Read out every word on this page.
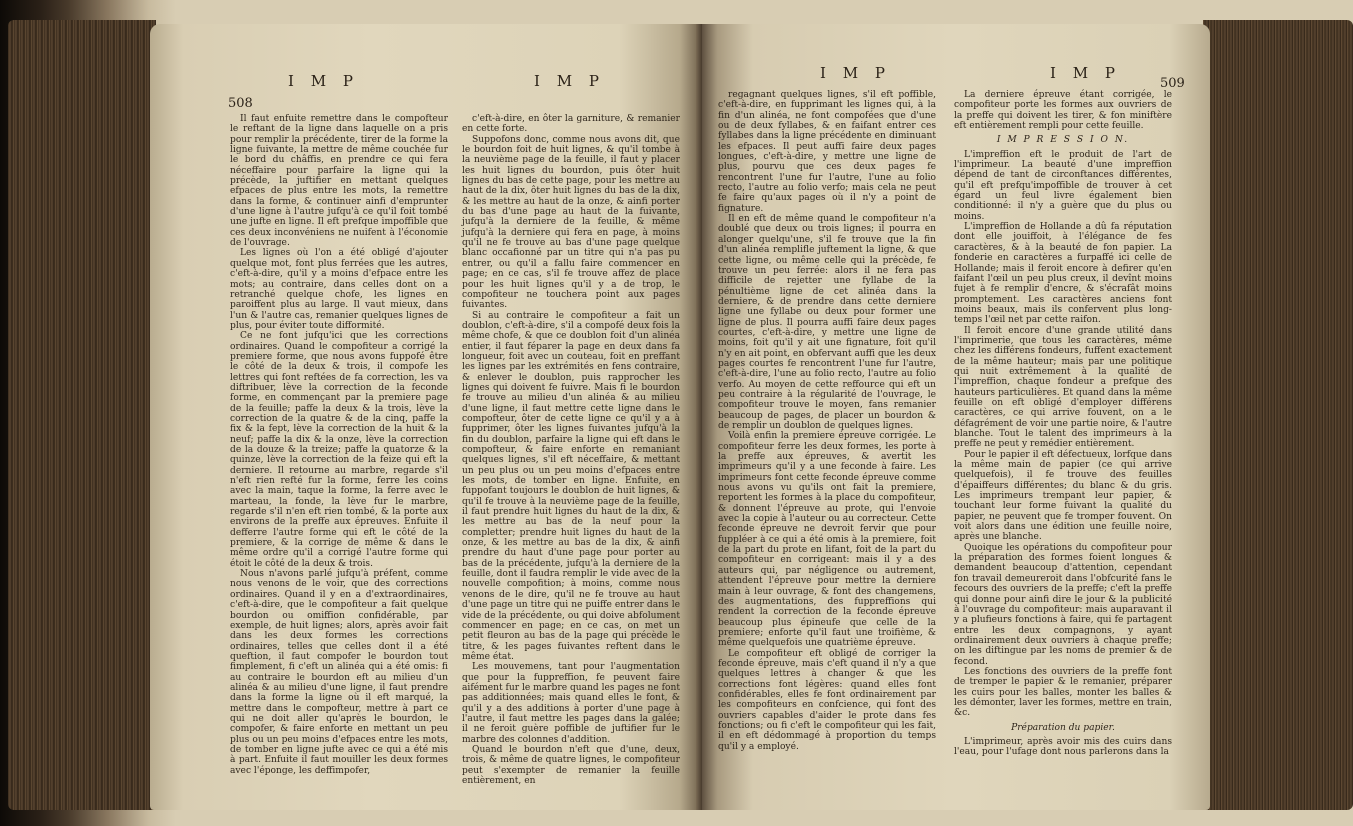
508
I M P	I M P

Il faut enfuite remettre dans le compofteur le reftant de la ligne dans laquelle on a pris pour remplir la précédente, tirer de la forme la ligne fuivante, la mettre de même couchée fur le bord du châffis, en prendre ce qui fera néceffaire pour parfaire la ligne qui la précède, la juftifier en mettant quelques efpaces de plus entre les mots, la remettre dans la forme, & continuer ainfi d'emprunter d'une ligne à l'autre jufqu'à ce qu'il foit tombé une jufte en ligne. Il eft prefque impoffible que ces deux inconvéniens ne nuifent à l'économie de l'ouvrage.

Les lignes où l'on a été obligé d'ajouter quelque mot, font plus ferrées que les autres, c'eft-à-dire, qu'il y a moins d'efpace entre les mots; au contraire, dans celles dont on a retranché quelque chofe, les lignes en paroiffent plus au large. Il vaut mieux, dans l'un & l'autre cas, remanier quelques lignes de plus, pour éviter toute difformité.

Ce ne font jufqu'ici que les corrections ordinaires. Quand le compofiteur a corrigé la premiere forme, que nous avons fuppofé être le côté de la deux & trois, il compofe les lettres qui font reftées de fa correction, les va diftribuer, lève la correction de la feconde forme, en commençant par la premiere page de la feuille; paffe la deux & la trois, lève la correction de la quatre & de la cinq, paffe la fix & la fept, lève la correction de la huit & la neuf; paffe la dix & la onze, lève la correction de la douze & la treize; paffe la quatorze & la quinze, lève la correction de la feize qui eft la derniere. Il retourne au marbre, regarde s'il n'eft rien refté fur la forme, ferre les coins avec la main, taque la forme, la ferre avec le marteau, la fonde, la lève fur le marbre, regarde s'il n'en eft rien tombé, & la porte aux environs de la preffe aux épreuves. Enfuite il defferre l'autre forme qui eft le côté de la premiere, & la corrige de même & dans le même ordre qu'il a corrigé l'autre forme qui étoit le côté de la deux & trois.

Nous n'avons parlé jufqu'à préfent, comme nous venons de le voir, que des corrections ordinaires. Quand il y en a d'extraordinaires, c'eft-à-dire, que le compofiteur a fait quelque bourdon ou omiffion confidérable, par exemple, de huit lignes; alors, après avoir fait dans les deux formes les corrections ordinaires, telles que celles dont il a été queftion, il faut compofer le bourdon tout fimplement, fi c'eft un alinéa qui a été omis: fi au contraire le bourdon eft au milieu d'un alinéa & au milieu d'une ligne, il faut prendre dans la forme la ligne où il eft marqué, la mettre dans le compofteur, mettre à part ce qui ne doit aller qu'après le bourdon, le compofer, & faire enforte en mettant un peu plus ou un peu moins d'efpaces entre les mots, de tomber en ligne jufte avec ce qui a été mis à part. Enfuite il faut mouiller les deux formes avec l'éponge, les deffimpofer,

c'eft-à-dire, en ôter la garniture, & remanier en cette forte.

Suppofons donc, comme nous avons dit, que le bourdon foit de huit lignes, & qu'il tombe à la neuvième page de la feuille, il faut y placer les huit lignes du bourdon, puis ôter huit lignes du bas de cette page, pour les mettre au haut de la dix, ôter huit lignes du bas de la dix, & les mettre au haut de la onze, & ainfi porter du bas d'une page au haut de la fuivante, jufqu'à la derniere de la feuille, & même jufqu'à la derniere qui fera en page, à moins qu'il ne fe trouve au bas d'une page quelque blanc occafionné par un titre qui n'a pas pu entrer, ou qu'il a fallu faire commencer en page; en ce cas, s'il fe trouve affez de place pour les huit lignes qu'il y a de trop, le compofiteur ne touchera point aux pages fuivantes.

Si au contraire le compofiteur a fait un doublon, c'eft-à-dire, s'il a compofé deux fois la même chofe, & que ce doublon foit d'un alinéa entier, il faut féparer la page en deux dans fa longueur, foit avec un couteau, foit en preffant les lignes par les extrémités en fens contraire, & enlever le doublon, puis rapprocher les lignes qui doivent fe fuivre. Mais fi le bourdon fe trouve au milieu d'un alinéa & au milieu d'une ligne, il faut mettre cette ligne dans le compofteur, ôter de cette ligne ce qu'il y a à fupprimer, ôter les lignes fuivantes jufqu'à la fin du doublon, parfaire la ligne qui eft dans le compofteur, & faire enforte en remaniant quelques lignes, s'il eft néceffaire, & mettant un peu plus ou un peu moins d'efpaces entre les mots, de tomber en ligne. Enfuite, en fuppofant toujours le doublon de huit lignes, & qu'il fe trouve à la neuvième page de la feuille, il faut prendre huit lignes du haut de la dix, & les mettre au bas de la neuf pour la completter; prendre huit lignes du haut de la onze, & les mettre au bas de la dix, & ainfi prendre du haut d'une page pour porter au bas de la précédente, jufqu'à la derniere de la feuille, dont il faudra remplir le vide avec de la nouvelle compofition; à moins, comme nous venons de le dire, qu'il ne fe trouve au haut d'une page un titre qui ne puiffe entrer dans le vide de la précédente, ou qui doive abfolument commencer en page; en ce cas, on met un petit fleuron au bas de la page qui précède le titre, & les pages fuivantes reftent dans le même état.

Les mouvemens, tant pour l'augmentation que pour la fuppreffion, fe peuvent faire aifément fur le marbre quand les pages ne font pas additionnées; mais quand elles le font, & qu'il y a des additions à porter d'une page à l'autre, il faut mettre les pages dans la galée; il ne feroit guère poffible de juftifier fur le marbre des colonnes d'addition.

Quand le bourdon n'eft que d'une, deux, trois, & même de quatre lignes, le compofiteur peut s'exempter de remanier la feuille entièrement, en

I M P	I M P
509

regagnant quelques lignes, s'il eft poffible, c'eft-à-dire, en fupprimant les lignes qui, à la fin d'un alinéa, ne font compofées que d'une ou de deux fyllabes, & en faifant entrer ces fyllabes dans la ligne précédente en diminuant les efpaces. Il peut auffi faire deux pages longues, c'eft-à-dire, y mettre une ligne de plus, pourvu que ces deux pages fe rencontrent l'une fur l'autre, l'une au folio recto, l'autre au folio verfo; mais cela ne peut fe faire qu'aux pages où il n'y a point de fignature.

Il en eft de même quand le compofiteur n'a doublé que deux ou trois lignes; il pourra en alonger quelqu'une, s'il fe trouve que la fin d'un alinéa remplifle juftement la ligne, & que cette ligne, ou même celle qui la précède, fe trouve un peu ferrée: alors il ne fera pas difficile de rejetter une fyllabe de la pénultième ligne de cet alinéa dans la derniere, & de prendre dans cette derniere ligne une fyllabe ou deux pour former une ligne de plus. Il pourra auffi faire deux pages courtes, c'eft-à-dire, y mettre une ligne de moins, foit qu'il y ait une fignature, foit qu'il n'y en ait point, en obfervant auffi que les deux pages courtes fe rencontrent l'une fur l'autre, c'eft-à-dire, l'une au folio recto, l'autre au folio verfo. Au moyen de cette reffource qui eft un peu contraire à la régularité de l'ouvrage, le compofiteur trouve le moyen, fans remanier beaucoup de pages, de placer un bourdon & de remplir un doublon de quelques lignes.

Voilà enfin la premiere épreuve corrigée. Le compofiteur ferre les deux formes, les porte à la preffe aux épreuves, & avertit les imprimeurs qu'il y a une feconde à faire. Les imprimeurs font cette feconde épreuve comme nous avons vu qu'ils ont fait la premiere, reportent les formes à la place du compofiteur, & donnent l'épreuve au prote, qui l'envoie avec la copie à l'auteur ou au correcteur. Cette feconde épreuve ne devroit fervir que pour fuppléer à ce qui a été omis à la premiere, foit de la part du prote en lifant, foit de la part du compofiteur en corrigeant: mais il y a des auteurs qui, par négligence ou autrement, attendent l'épreuve pour mettre la derniere main à leur ouvrage, & font des changemens, des augmentations, des fuppreffions qui rendent la correction de la feconde épreuve beaucoup plus épineufe que celle de la premiere; enforte qu'il faut une troifième, & même quelquefois une quatrième épreuve.

Le compofiteur eft obligé de corriger la feconde épreuve, mais c'eft quand il n'y a que quelques lettres à changer & que les corrections font légères: quand elles font confidérables, elles fe font ordinairement par les compofiteurs en confcience, qui font des ouvriers capables d'aider le prote dans fes fonctions; ou fi c'eft le compofiteur qui les fait, il en eft dédommagé à proportion du temps qu'il y a employé.

La derniere épreuve étant corrigée, le compofiteur porte les formes aux ouvriers de la preffe qui doivent les tirer, & fon miniftère eft entièrement rempli pour cette feuille.

I M P R E S S I O N.

L'impreffion eft le produit de l'art de l'imprimeur. La beauté d'une impreffion dépend de tant de circonftances différentes, qu'il eft prefqu'impoffible de trouver à cet égard un feul livre également bien conditionné: il n'y a guère que du plus ou moins.

L'impreffion de Hollande a dû fa réputation dont elle jouiffoit, à l'élégance de fes caractères, & à la beauté de fon papier. La fonderie en caractères a furpaffé ici celle de Hollande; mais il feroit encore à defirer qu'en faifant l'œil un peu plus creux, il devînt moins fujet à fe remplir d'encre, & s'écrafât moins promptement. Les caractères anciens font moins beaux, mais ils confervent plus long-temps l'œil net par cette raifon.

Il feroit encore d'une grande utilité dans l'imprimerie, que tous les caractères, même chez les différens fondeurs, fuffent exactement de la même hauteur; mais par une politique qui nuit extrêmement à la qualité de l'impreffion, chaque fondeur a prefque des hauteurs particulières. Et quand dans la même feuille on eft obligé d'employer différens caractères, ce qui arrive fouvent, on a le défagrément de voir une partie noire, & l'autre blanche. Tout le talent des imprimeurs à la preffe ne peut y remédier entièrement.

Pour le papier il eft défectueux, lorfque dans la même main de papier (ce qui arrive quelquefois), il fe trouve des feuilles d'épaiffeurs différentes; du blanc & du gris. Les imprimeurs trempant leur papier, & touchant leur forme fuivant la qualité du papier, ne peuvent que fe tromper fouvent. On voit alors dans une édition une feuille noire, après une blanche.

Quoique les opérations du compofiteur pour la préparation des formes foient longues & demandent beaucoup d'attention, cependant fon travail demeureroit dans l'obfcurité fans le fecours des ouvriers de la preffe; c'eft la preffe qui donne pour ainfi dire le jour & la publicité à l'ouvrage du compofiteur: mais auparavant il y a plufieurs fonctions à faire, qui fe partagent entre les deux compagnons, y ayant ordinairement deux ouvriers à chaque preffe; on les diftingue par les noms de premier & de fecond.

Les fonctions des ouvriers de la preffe font de tremper le papier & le remanier, préparer les cuirs pour les balles, monter les balles & les démonter, laver les formes, mettre en train, &c.

Préparation du papier.

L'imprimeur, après avoir mis des cuirs dans l'eau, pour l'ufage dont nous parlerons dans la
